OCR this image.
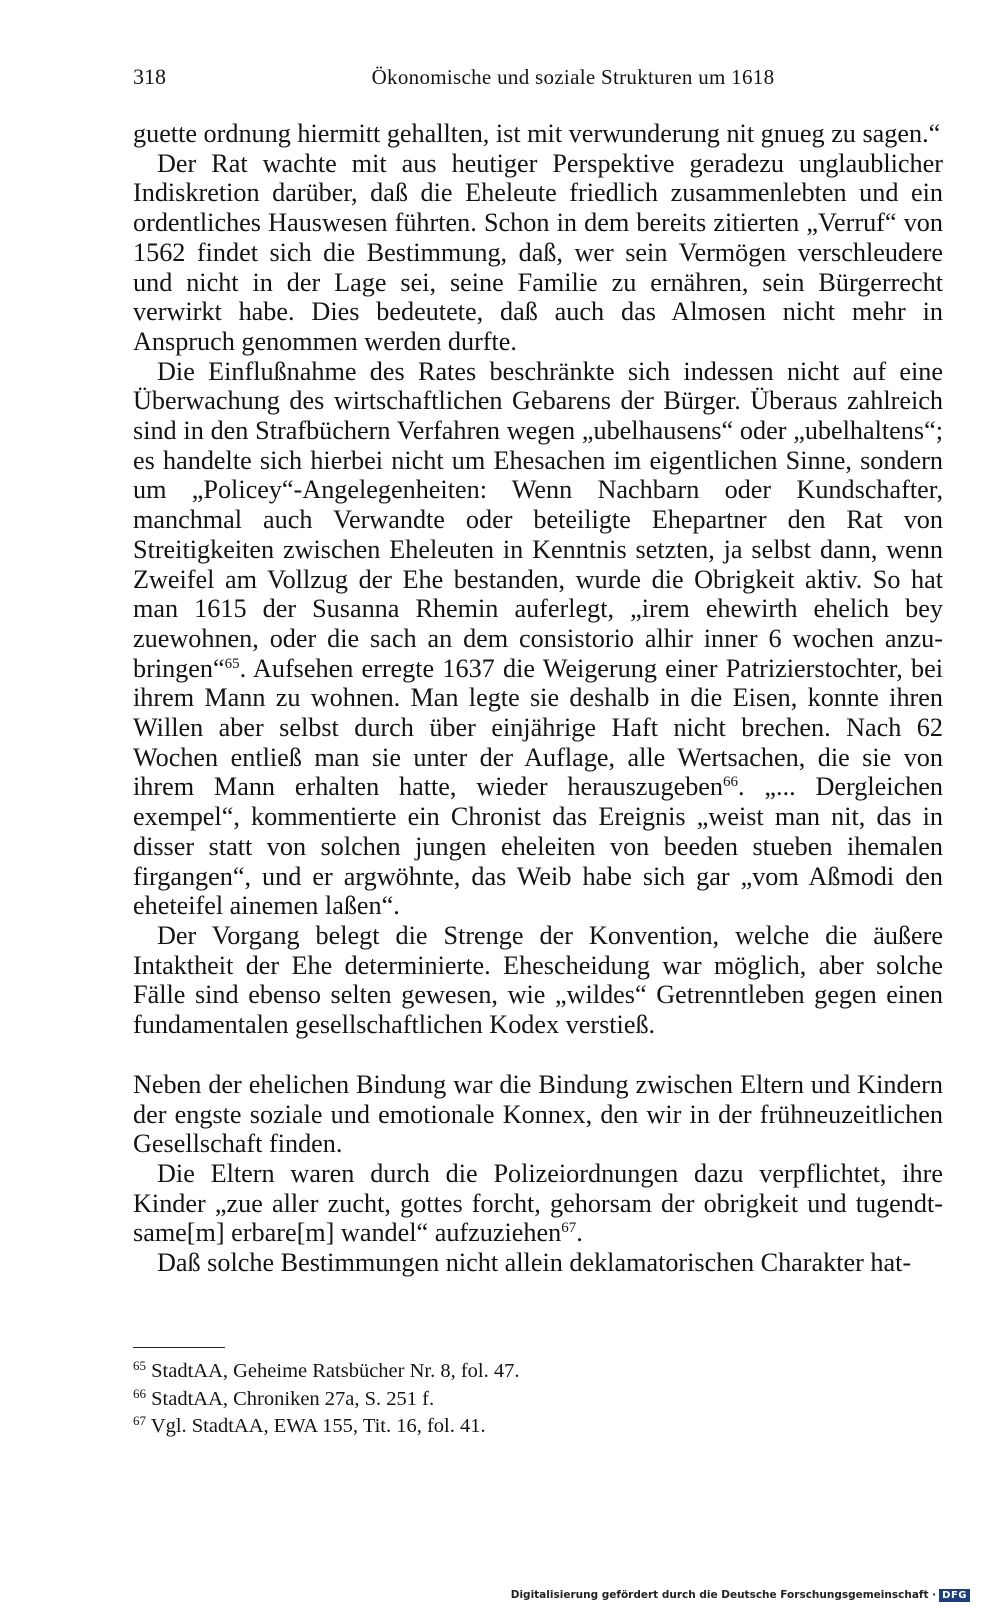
318	Ökonomische und soziale Strukturen um 1618

guette ordnung hiermitt gehallten, ist mit verwunderung nit gnueg zu sagen.“

Der Rat wachte mit aus heutiger Perspektive geradezu unglaublicher Indiskretion darüber, daß die Eheleute friedlich zusammenlebten und ein ordentliches Hauswesen führten. Schon in dem bereits zitierten „Verruf“ von 1562 findet sich die Bestimmung, daß, wer sein Vermögen verschleudere und nicht in der Lage sei, seine Familie zu ernähren, sein Bürgerrecht verwirkt habe. Dies bedeutete, daß auch das Almosen nicht mehr in Anspruch genommen werden durfte.

Die Einflußnahme des Rates beschränkte sich indessen nicht auf eine Überwachung des wirtschaftlichen Gebarens der Bürger. Überaus zahlreich sind in den Strafbüchern Verfahren wegen „ubelhausens“ oder „ubelhaltens“; es handelte sich hierbei nicht um Ehesachen im eigentlichen Sinne, sondern um „Policey“-Angelegenheiten: Wenn Nachbarn oder Kundschafter, manchmal auch Verwandte oder beteiligte Ehepartner den Rat von Streitigkeiten zwischen Eheleuten in Kenntnis setzten, ja selbst dann, wenn Zweifel am Vollzug der Ehe bestanden, wurde die Obrigkeit aktiv. So hat man 1615 der Susanna Rhemin auferlegt, „irem ehewirth ehelich bey zuewohnen, oder die sach an dem consistorio alhir inner 6 wochen anzubringen“$^{65}$. Aufsehen erregte 1637 die Weigerung einer Patrizierstochter, bei ihrem Mann zu wohnen. Man legte sie deshalb in die Eisen, konnte ihren Willen aber selbst durch über einjährige Haft nicht brechen. Nach 62 Wochen entließ man sie unter der Auflage, alle Wertsachen, die sie von ihrem Mann erhalten hatte, wieder herauszugeben$^{66}$. „... Dergleichen exempel“, kommentierte ein Chronist das Ereignis „weist man nit, das in disser statt von solchen jungen eheleiten von beeden stueben ihemalen firgangen“, und er argwöhnte, das Weib habe sich gar „vom Aßmodi den eheteifel ainemen laßen“.

Der Vorgang belegt die Strenge der Konvention, welche die äußere Intaktheit der Ehe determinierte. Ehescheidung war möglich, aber solche Fälle sind ebenso selten gewesen, wie „wildes“ Getrenntleben gegen einen fundamentalen gesellschaftlichen Kodex verstieß.

Neben der ehelichen Bindung war die Bindung zwischen Eltern und Kindern der engste soziale und emotionale Konnex, den wir in der frühneuzeitlichen Gesellschaft finden.

Die Eltern waren durch die Polizeiordnungen dazu verpflichtet, ihre Kinder „zue aller zucht, gottes forcht, gehorsam der obrigkeit und tugendtsame[m] erbare[m] wandel“ aufzuziehen$^{67}$.

Daß solche Bestimmungen nicht allein deklamatorischen Charakter hat-

$^{65}$ StadtAA, Geheime Ratsbücher Nr. 8, fol. 47.
$^{66}$ StadtAA, Chroniken 27a, S. 251 f.
$^{67}$ Vgl. StadtAA, EWA 155, Tit. 16, fol. 41.
Digitalisierung gefördert durch die Deutsche Forschungsgemeinschaft · DFG
